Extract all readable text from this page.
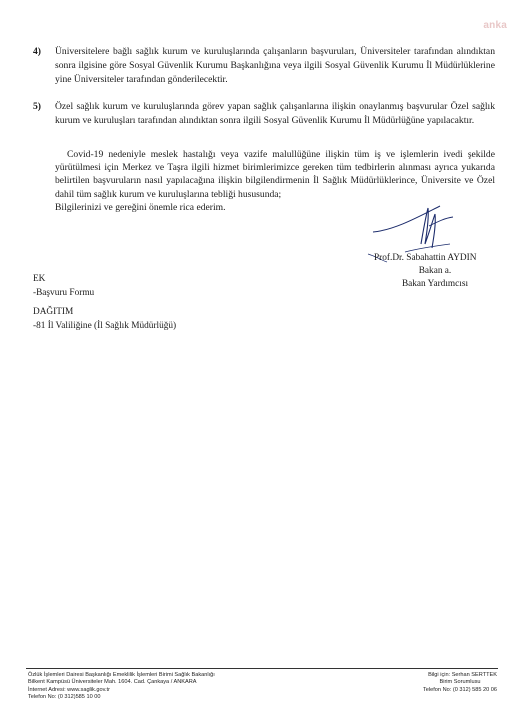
anka
4) Üniversitelere bağlı sağlık kurum ve kuruluşlarında çalışanların başvuruları, Üniversiteler tarafından alındıktan sonra ilgisine göre Sosyal Güvenlik Kurumu Başkanlığına veya ilgili Sosyal Güvenlik Kurumu İl Müdürlüklerine yine Üniversiteler tarafından gönderilecektir.
5) Özel sağlık kurum ve kuruluşlarında görev yapan sağlık çalışanlarına ilişkin onaylanmış başvurular Özel sağlık kurum ve kuruluşları tarafından alındıktan sonra ilgili Sosyal Güvenlik Kurumu İl Müdürlüğüne yapılacaktır.
Covid-19 nedeniyle meslek hastalığı veya vazife malullüğüne ilişkin tüm iş ve işlemlerin ivedi şekilde yürütülmesi için Merkez ve Taşra ilgili hizmet birimlerimizce gereken tüm tedbirlerin alınması ayrıca yukarıda belirtilen başvuruların nasıl yapılacağına ilişkin bilgilendirmenin İl Sağlık Müdürlüklerince, Üniversite ve Özel dahil tüm sağlık kurum ve kuruluşlarına tebliği hususunda;
Bilgilerinizi ve gereğini önemle rica ederim.
Prof.Dr. Sabahattin AYDIN
Bakan a.
Bakan Yardımcısı
EK
-Başvuru Formu
DAĞITIM
-81 İl Valiliğine (İl Sağlık Müdürlüğü)
Özlük İşlemleri Dairesi Başkanlığı Emeklilik İşlemleri Birimi Sağlık Bakanlığı
Bilkent Kampüsü Üniversiteler Mah. 1604. Cad. Çankaya / ANKARA
İnternet Adresi: www.saglik.gov.tr
Telefon No: (0 312)585 10 00
Bilgi için: Serhan SERTTEK
Birim Sorumlusu
Telefon No: (0 312) 585 20 06
